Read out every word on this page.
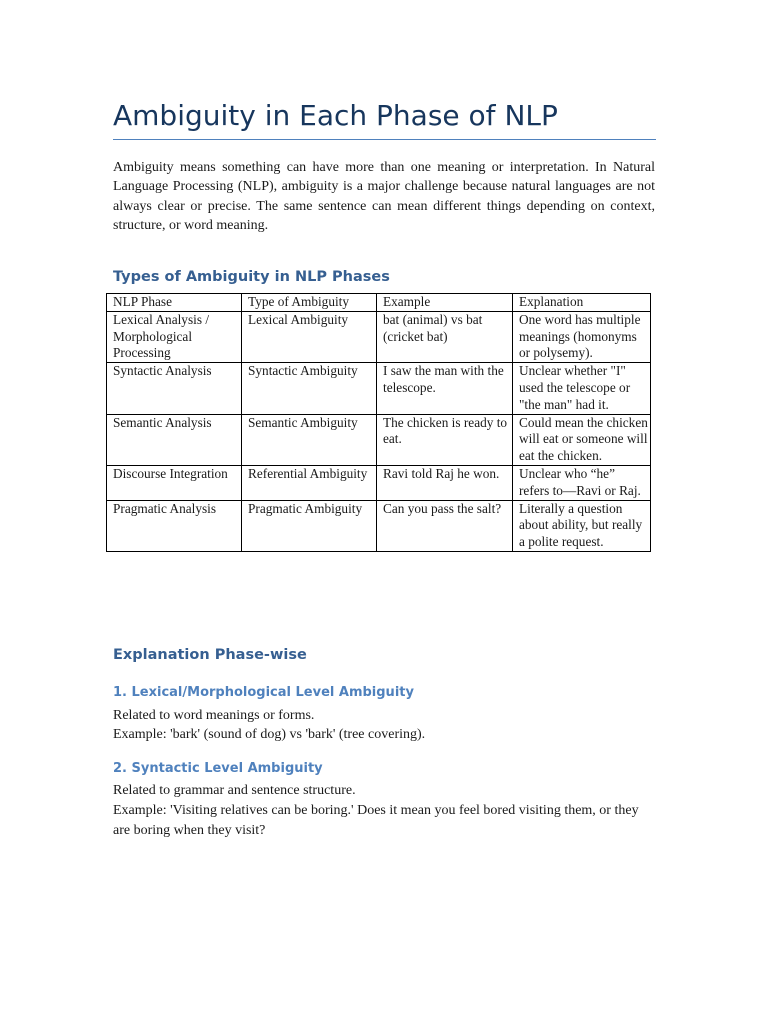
Ambiguity in Each Phase of NLP

Ambiguity means something can have more than one meaning or interpretation. In Natural Language Processing (NLP), ambiguity is a major challenge because natural languages are not always clear or precise. The same sentence can mean different things depending on context, structure, or word meaning.

Types of Ambiguity in NLP Phases
NLP Phase	Type of Ambiguity	Example	Explanation
Lexical Analysis / Morphological Processing	Lexical Ambiguity	bat (animal) vs bat (cricket bat)	One word has multiple meanings (homonyms or polysemy).
Syntactic Analysis	Syntactic Ambiguity	I saw the man with the telescope.	Unclear whether "I" used the telescope or "the man" had it.
Semantic Analysis	Semantic Ambiguity	The chicken is ready to eat.	Could mean the chicken will eat or someone will eat the chicken.
Discourse Integration	Referential Ambiguity	Ravi told Raj he won.	Unclear who “he” refers to—Ravi or Raj.
Pragmatic Analysis	Pragmatic Ambiguity	Can you pass the salt?	Literally a question about ability, but really a polite request.
Explanation Phase-wise
1. Lexical/Morphological Level Ambiguity

Related to word meanings or forms.

Example: 'bark' (sound of dog) vs 'bark' (tree covering).

2. Syntactic Level Ambiguity

Related to grammar and sentence structure.

Example: 'Visiting relatives can be boring.' Does it mean you feel bored visiting them, or they are boring when they visit?
